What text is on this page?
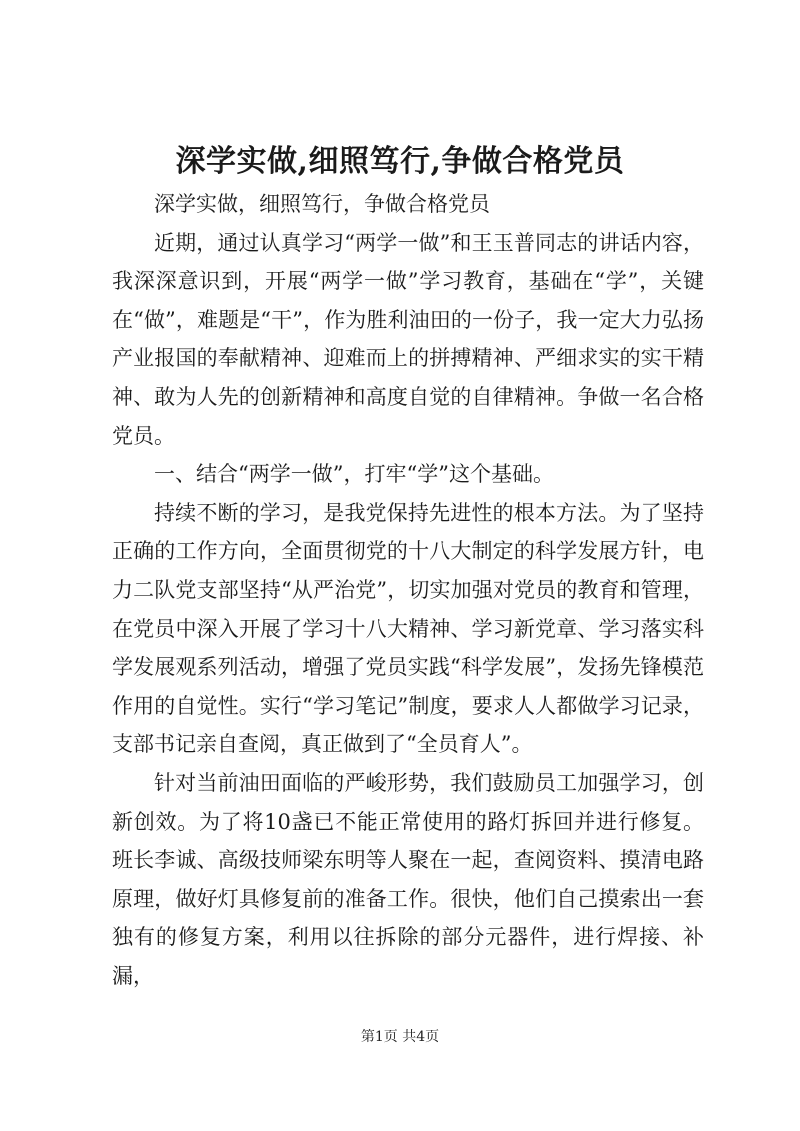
深学实做,细照笃行,争做合格党员

深学实做，细照笃行，争做合格党员

近期，通过认真学习“两学一做”和王玉普同志的讲话内容，我深深意识到，开展“两学一做”学习教育，基础在“学”，关键在“做”，难题是“干”，作为胜利油田的一份子，我一定大力弘扬产业报国的奉献精神、迎难而上的拼搏精神、严细求实的实干精神、敢为人先的创新精神和高度自觉的自律精神。争做一名合格党员。

一、结合“两学一做”，打牢“学”这个基础。

持续不断的学习，是我党保持先进性的根本方法。为了坚持正确的工作方向，全面贯彻党的十八大制定的科学发展方针，电力二队党支部坚持“从严治党”，切实加强对党员的教育和管理，在党员中深入开展了学习十八大精神、学习新党章、学习落实科学发展观系列活动，增强了党员实践“科学发展”，发扬先锋模范作用的自觉性。实行“学习笔记”制度，要求人人都做学习记录，支部书记亲自查阅，真正做到了“全员育人”。

针对当前油田面临的严峻形势，我们鼓励员工加强学习，创新创效。为了将10盏已不能正常使用的路灯拆回并进行修复。班长李诚、高级技师梁东明等人聚在一起，查阅资料、摸清电路原理，做好灯具修复前的准备工作。很快，他们自己摸索出一套独有的修复方案，利用以往拆除的部分元器件，进行焊接、补漏，

第1页 共4页
